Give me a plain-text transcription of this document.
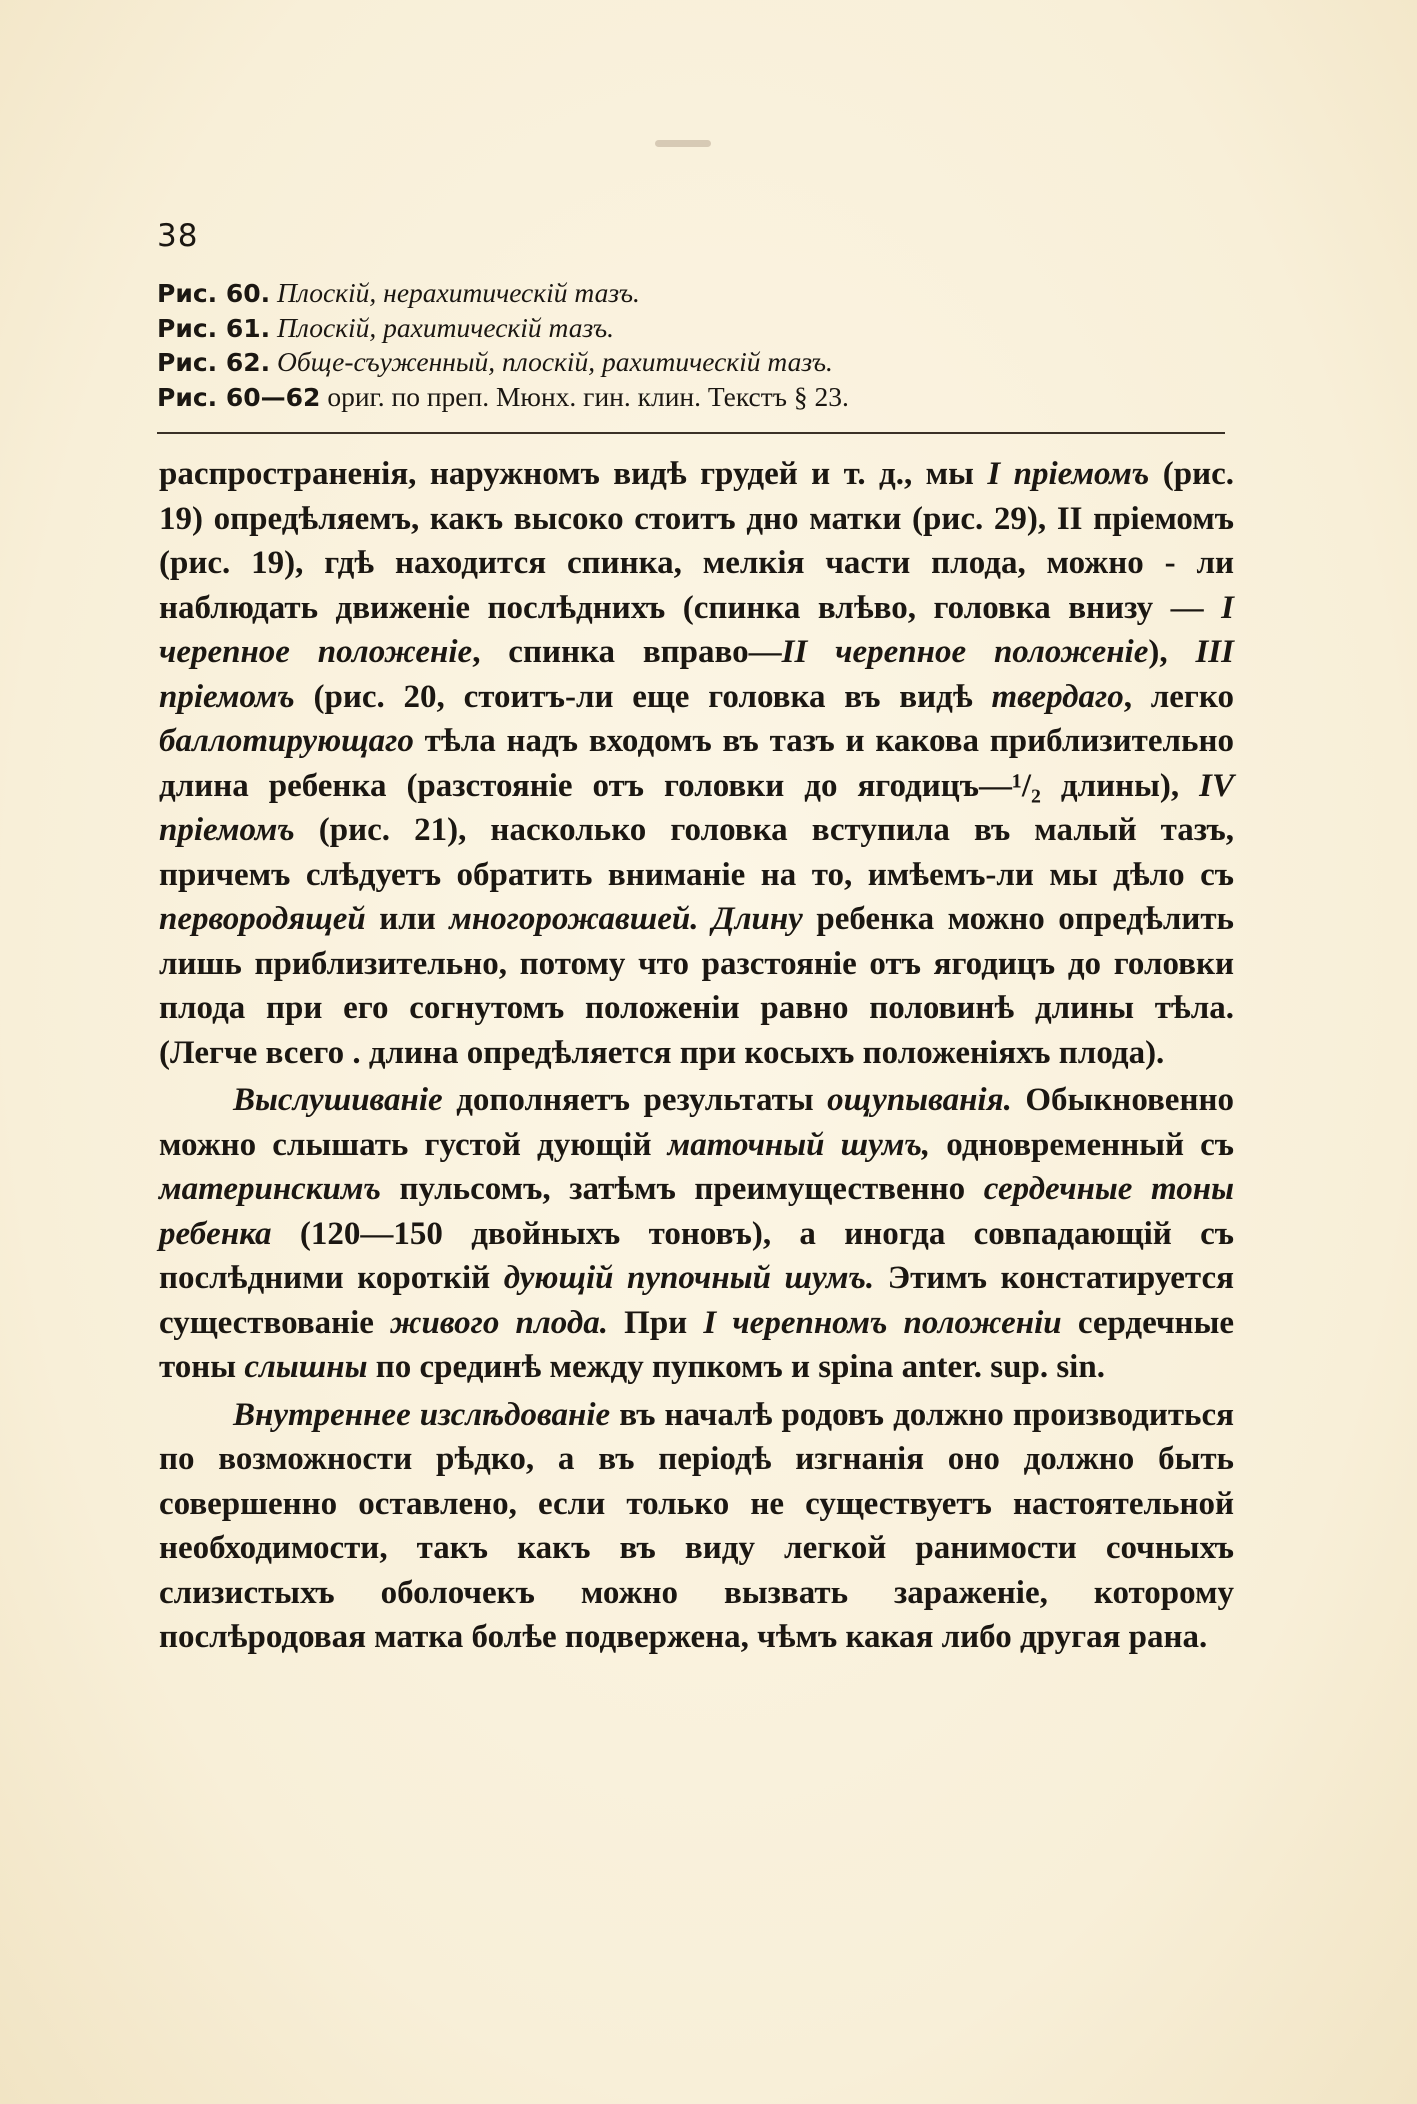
38
Рис. 60. Плоскій, нерахитическій тазъ.
Рис. 61. Плоскій, рахитическій тазъ.
Рис. 62. Обще-съуженный, плоскій, рахитическій тазъ.
Рис. 60—62 ориг. по преп. Мюнх. гин. клин. Текстъ § 23.

распространенія, наружномъ видѣ грудей и т. д., мы I пріемомъ (рис. 19) опредѣляемъ, какъ высоко стоитъ дно матки (рис. 29), II пріемомъ (рис. 19), гдѣ находится спинка, мелкія части плода, можно - ли наблюдать движеніе послѣднихъ (спинка влѣво, головка внизу — I черепное положеніе, спинка вправо—II черепное положеніе), III пріемомъ (рис. 20, стоитъ-ли еще головка въ видѣ твердаго, легко баллотирующаго тѣла надъ входомъ въ тазъ и какова приблизительно длина ребенка (разстояніе отъ головки до ягодицъ—¹/₂ длины), IV пріемомъ (рис. 21), насколько головка вступила въ малый тазъ, причемъ слѣдуетъ обратить вниманіе на то, имѣемъ-ли мы дѣло съ первородящей или многорожавшей. Длину ребенка можно опредѣлить лишь приблизительно, потому что разстояніе отъ ягодицъ до головки плода при его согнутомъ положеніи равно половинѣ длины тѣла. (Легче всего . длина опредѣляется при косыхъ положеніяхъ плода).

Выслушиваніе дополняетъ результаты ощупыванія. Обыкновенно можно слышать густой дующій маточный шумъ, одновременный съ материнскимъ пульсомъ, затѣмъ преимущественно сердечные тоны ребенка (120—150 двойныхъ тоновъ), а иногда совпадающій съ послѣдними короткій дующій пупочный шумъ. Этимъ констатируется существованіе живого плода. При I черепномъ положеніи сердечные тоны слышны по срединѣ между пупкомъ и spina anter. sup. sin.

Внутреннее изслѣдованіе въ началѣ родовъ должно производиться по возможности рѣдко, а въ періодѣ изгнанія оно должно быть совершенно оставлено, если только не существуетъ настоятельной необходимости, такъ какъ въ виду легкой ранимости сочныхъ слизистыхъ оболочекъ можно вызвать зараженіе, которому послѣродовая матка болѣе подвержена, чѣмъ какая либо другая рана.
